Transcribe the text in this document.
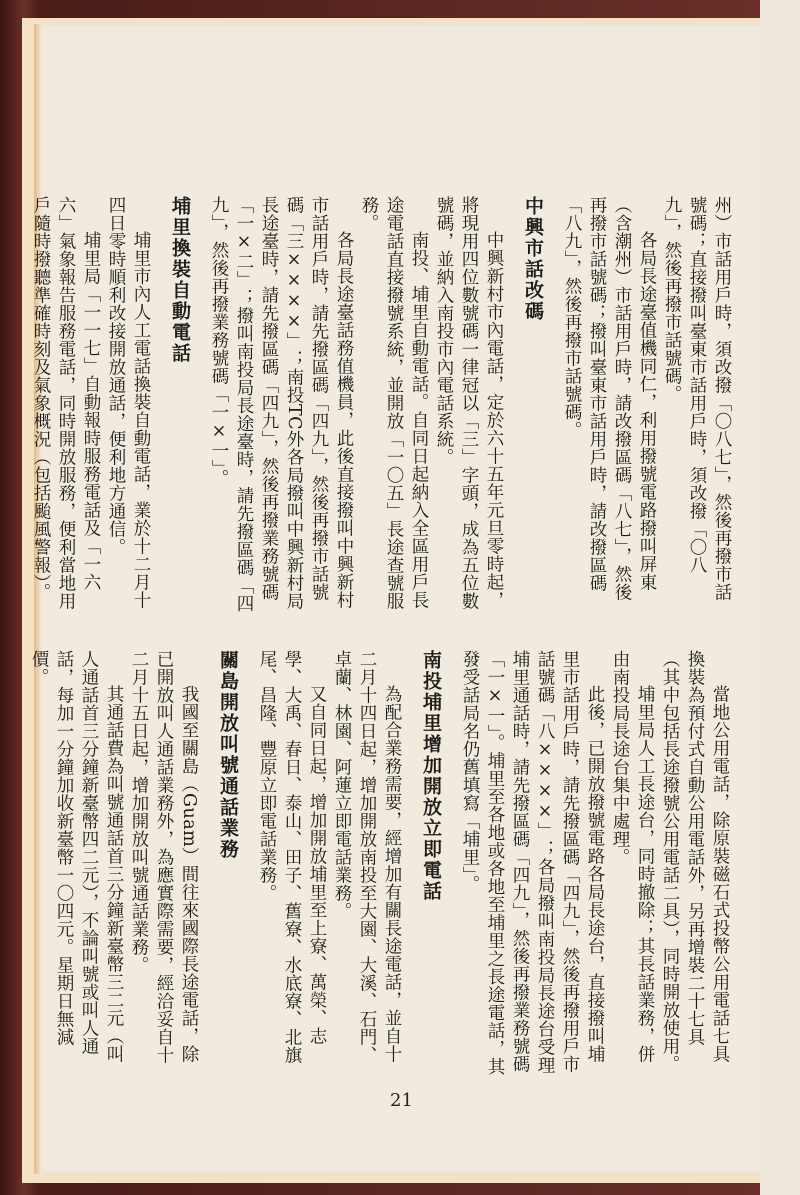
州）市話用戶時，須改撥「〇八七」，然後再撥市話號碼；直接撥叫臺東市話用戶時，須改撥「〇八九」，然後再撥市話號碼。

各局長途臺值機同仁，利用撥號電路撥叫屏東（含潮州）市話用戶時，請改撥區碼「八七」，然後再撥市話號碼；撥叫臺東市話用戶時，請改撥區碼「八九」，然後再撥市話號碼。

中興市話改碼

中興新村市內電話，定於六十五年元旦零時起，將現用四位數號碼一律冠以「三」字頭，成為五位數號碼，並納入南投市內電話系統。

南投、埔里自動電話。自同日起納入全區用戶長途電話直接撥號系統，並開放「一〇五」長途查號服務。

各局長途臺話務值機員，此後直接撥叫中興新村市話用戶時，請先撥區碼「四九」，然後再撥市話號碼「三××××」；南投TC外各局撥叫中興新村局長途臺時，請先撥區碼「四九」，然後再撥業務號碼「一×二」；撥叫南投局長途臺時，請先撥區碼「四九」，然後再撥業務號碼「一×一」。

埔里換裝自動電話

埔里市內人工電話換裝自動電話，業於十二月十四日零時順利改接開放通話，便利地方通信。

埔里局「一一七」自動報時服務電話及「一六六」氣象報告服務電話，同時開放服務，便利當地用戶隨時撥聽準確時刻及氣象概況（包括颱風警報）。

當地公用電話，除原裝磁石式投幣公用電話七具換裝為預付式自動公用電話外，另再增裝二十七具（其中包括長途撥號公用電話二具），同時開放使用。

埔里局人工長途台，同時撤除；其長話業務，併由南投局長途台集中處理。

此後，已開放撥號電路各局長途台，直接撥叫埔里市話用戶時，請先撥區碼「四九」，然後再撥用戶市話號碼「八××××」；各局撥叫南投局長途台受理埔里通話時，請先撥區碼「四九」，然後再撥業務號碼「一×一」。埔里至各地或各地至埔里之長途電話，其發受話局名仍舊填寫「埔里」。

南投埔里增加開放立即電話

為配合業務需要，經增加有關長途電話，並自十二月十四日起，增加開放南投至大園、大溪、石門、卓蘭、林園、阿蓮立即電話業務。

又自同日起，增加開放埔里至上寮、萬榮、志學、大禹、春日、泰山、田子、舊寮、水底寮、北旗尾、昌隆、豐原立即電話業務。

關島開放叫號通話業務

我國至關島（Guam）間往來國際長途電話，除已開放叫人通話業務外，為應實際需要，經洽妥自十二月十五日起，增加開放叫號通話業務。

其通話費為叫號通話首三分鐘新臺幣三二元（叫人通話首三分鐘新臺幣四二元），不論叫號或叫人通話，每加一分鐘加收新臺幣一〇四元。星期日無減價。

21
